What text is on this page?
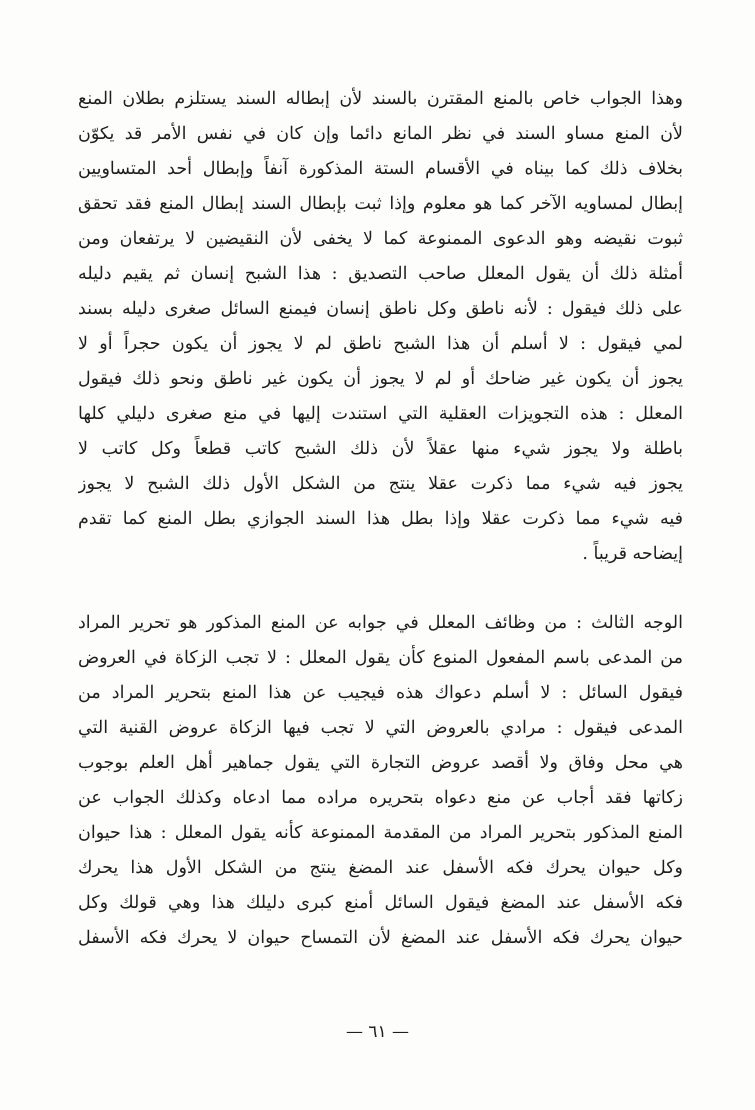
وهذا الجواب خاص بالمنع المقترن بالسند لأن إبطاله السند يستلزم بطلان المنع
لأن المنع مساو السند في نظر المانع دائما وإن كان في نفس الأمر قد يكوّن
بخلاف ذلك كما بيناه في الأقسام الستة المذكورة آنفاً وإبطال أحد المتساويين
إبطال لمساويه الآخر كما هو معلوم وإذا ثبت بإبطال السند إبطال المنع فقد تحقق
ثبوت نقيضه وهو الدعوى الممنوعة كما لا يخفى لأن النقيضين لا يرتفعان ومن
أمثلة ذلك أن يقول المعلل صاحب التصديق : هذا الشبح إنسان ثم يقيم دليله
على ذلك فيقول : لأنه ناطق وكل ناطق إنسان فيمنع السائل صغرى دليله بسند
لمي فيقول : لا أسلم أن هذا الشبح ناطق لم لا يجوز أن يكون حجراً أو لا
يجوز أن يكون غير ضاحك أو لم لا يجوز أن يكون غير ناطق ونحو ذلك فيقول
المعلل : هذه التجويزات العقلية التي استندت إليها في منع صغرى دليلي كلها
باطلة ولا يجوز شيء منها عقلاً لأن ذلك الشبح كاتب قطعاً وكل كاتب لا
يجوز فيه شيء مما ذكرت عقلا ينتج من الشكل الأول ذلك الشبح لا يجوز
فيه شيء مما ذكرت عقلا وإذا بطل هذا السند الجوازي بطل المنع كما تقدم
إيضاحه قريباً .
الوجه الثالث : من وظائف المعلل في جوابه عن المنع المذكور هو تحرير المراد
من المدعى باسم المفعول المنوع كأن يقول المعلل : لا تجب الزكاة في العروض
فيقول السائل : لا أسلم دعواك هذه فيجيب عن هذا المنع بتحرير المراد من
المدعى فيقول : مرادي بالعروض التي لا تجب فيها الزكاة عروض القنية التي
هي محل وفاق ولا أقصد عروض التجارة التي يقول جماهير أهل العلم بوجوب
زكاتها فقد أجاب عن منع دعواه بتحريره مراده مما ادعاه وكذلك الجواب عن
المنع المذكور بتحرير المراد من المقدمة الممنوعة كأنه يقول المعلل : هذا حيوان
وكل حيوان يحرك فكه الأسفل عند المضغ ينتج من الشكل الأول هذا يحرك
فكه الأسفل عند المضغ فيقول السائل أمنع كبرى دليلك هذا وهي قولك وكل
حيوان يحرك فكه الأسفل عند المضغ لأن التمساح حيوان لا يحرك فكه الأسفل
— ٦١ —
